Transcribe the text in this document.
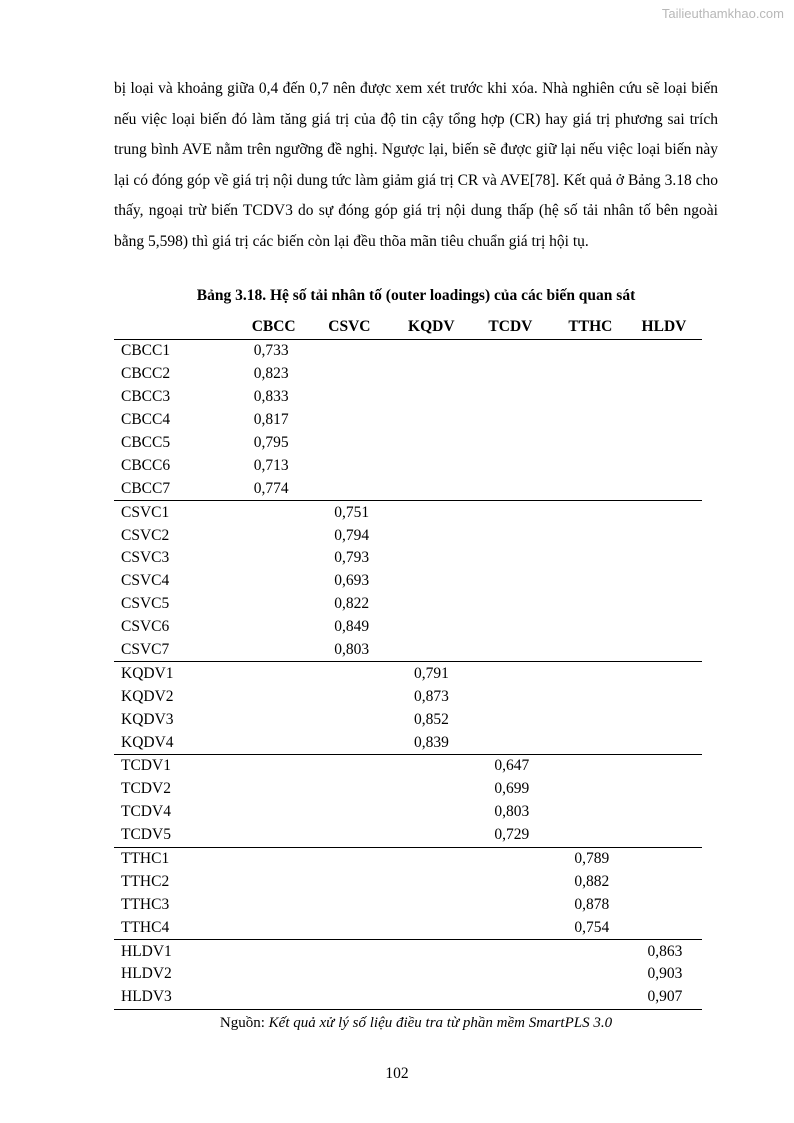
Tailieuthamkhao.com

bị loại và khoảng giữa 0,4 đến 0,7 nên được xem xét trước khi xóa. Nhà nghiên cứu sẽ loại biến nếu việc loại biến đó làm tăng giá trị của độ tin cậy tổng hợp (CR) hay giá trị phương sai trích trung bình AVE nằm trên ngưỡng đề nghị. Ngược lại, biến sẽ được giữ lại nếu việc loại biến này lại có đóng góp về giá trị nội dung tức làm giảm giá trị CR và AVE[78]. Kết quả ở Bảng 3.18 cho thấy, ngoại trừ biến TCDV3 do sự đóng góp giá trị nội dung thấp (hệ số tải nhân tố bên ngoài bằng 5,598) thì giá trị các biến còn lại đều thõa mãn tiêu chuẩn giá trị hội tụ.

Bảng 3.18. Hệ số tải nhân tố (outer loadings) của các biến quan sát

	CBCC	CSVC	KQDV	TCDV	TTHC	HLDV
CBCC1	0,733					
CBCC2	0,823					
CBCC3	0,833					
CBCC4	0,817					
CBCC5	0,795					
CBCC6	0,713					
CBCC7	0,774					
CSVC1		0,751				
CSVC2		0,794				
CSVC3		0,793				
CSVC4		0,693				
CSVC5		0,822				
CSVC6		0,849				
CSVC7		0,803				
KQDV1			0,791			
KQDV2			0,873			
KQDV3			0,852			
KQDV4			0,839			
TCDV1				0,647		
TCDV2				0,699		
TCDV4				0,803		
TCDV5				0,729		
TTHC1					0,789	
TTHC2					0,882	
TTHC3					0,878	
TTHC4					0,754	
HLDV1						0,863
HLDV2						0,903
HLDV3						0,907

Nguồn: Kết quả xử lý số liệu điều tra từ phần mềm SmartPLS 3.0

102
